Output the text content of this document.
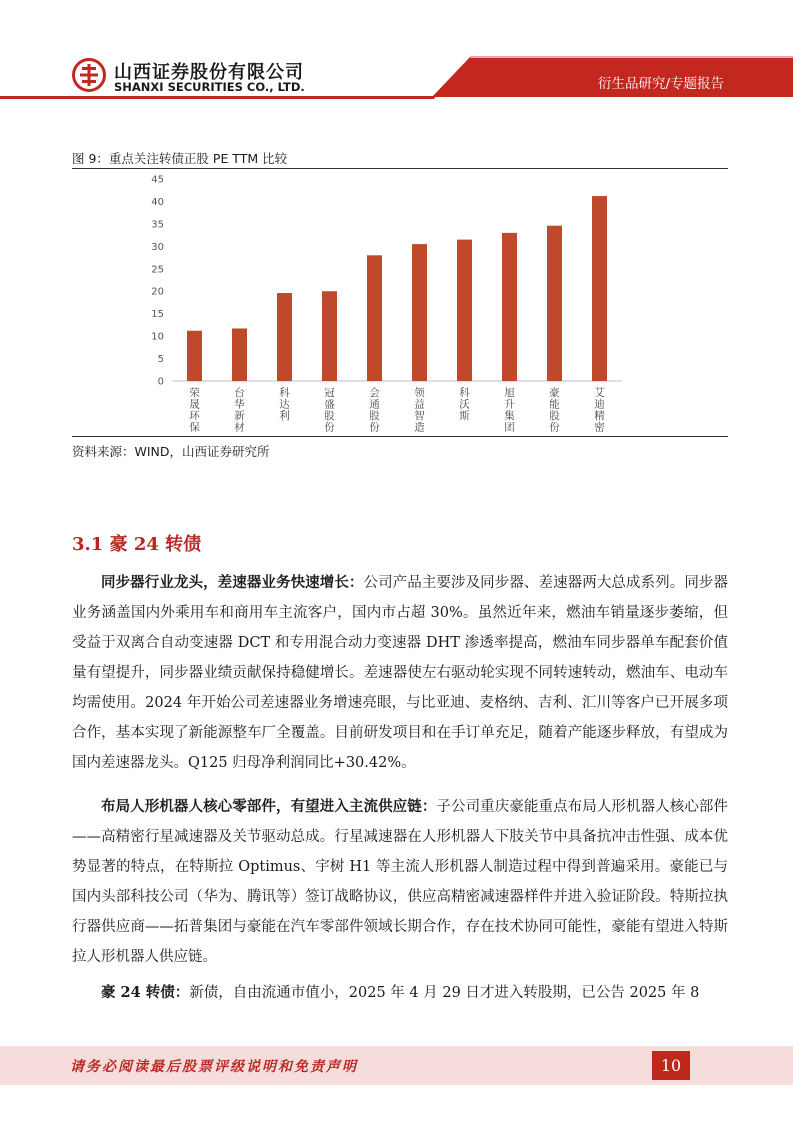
山西证券股份有限公司
SHANXI SECURITIES CO., LTD.	衍生品研究/专题报告
图 9：重点关注转债正股 PE TTM 比较
0
5
10
15
20
25
30
35
40
45
荣晟环保
台华新材
科达利
冠盛股份
会通股份
领益智造
科沃斯
旭升集团
豪能股份
艾迪精密
资料来源：WIND，山西证券研究所
3.1 豪 24 转债

同步器行业龙头，差速器业务快速增长：公司产品主要涉及同步器、差速器两大总成系列。同步器业务涵盖国内外乘用车和商用车主流客户，国内市占超 30%。虽然近年来，燃油车销量逐步萎缩，但受益于双离合自动变速器 DCT 和专用混合动力变速器 DHT 渗透率提高，燃油车同步器单车配套价值量有望提升，同步器业绩贡献保持稳健增长。差速器使左右驱动轮实现不同转速转动，燃油车、电动车均需使用。2024 年开始公司差速器业务增速亮眼，与比亚迪、麦格纳、吉利、汇川等客户已开展多项合作，基本实现了新能源整车厂全覆盖。目前研发项目和在手订单充足，随着产能逐步释放，有望成为国内差速器龙头。Q125 归母净利润同比+30.42%。

布局人形机器人核心零部件，有望进入主流供应链：子公司重庆豪能重点布局人形机器人核心部件——高精密行星减速器及关节驱动总成。行星减速器在人形机器人下肢关节中具备抗冲击性强、成本优势显著的特点，在特斯拉 Optimus、宇树 H1 等主流人形机器人制造过程中得到普遍采用。豪能已与国内头部科技公司（华为、腾讯等）签订战略协议，供应高精密减速器样件并进入验证阶段。特斯拉执行器供应商——拓普集团与豪能在汽车零部件领域长期合作，存在技术协同可能性，豪能有望进入特斯拉人形机器人供应链。

豪 24 转债：新债，自由流通市值小，2025 年 4 月 29 日才进入转股期，已公告 2025 年 8

请务必阅读最后股票评级说明和免责声明	10
